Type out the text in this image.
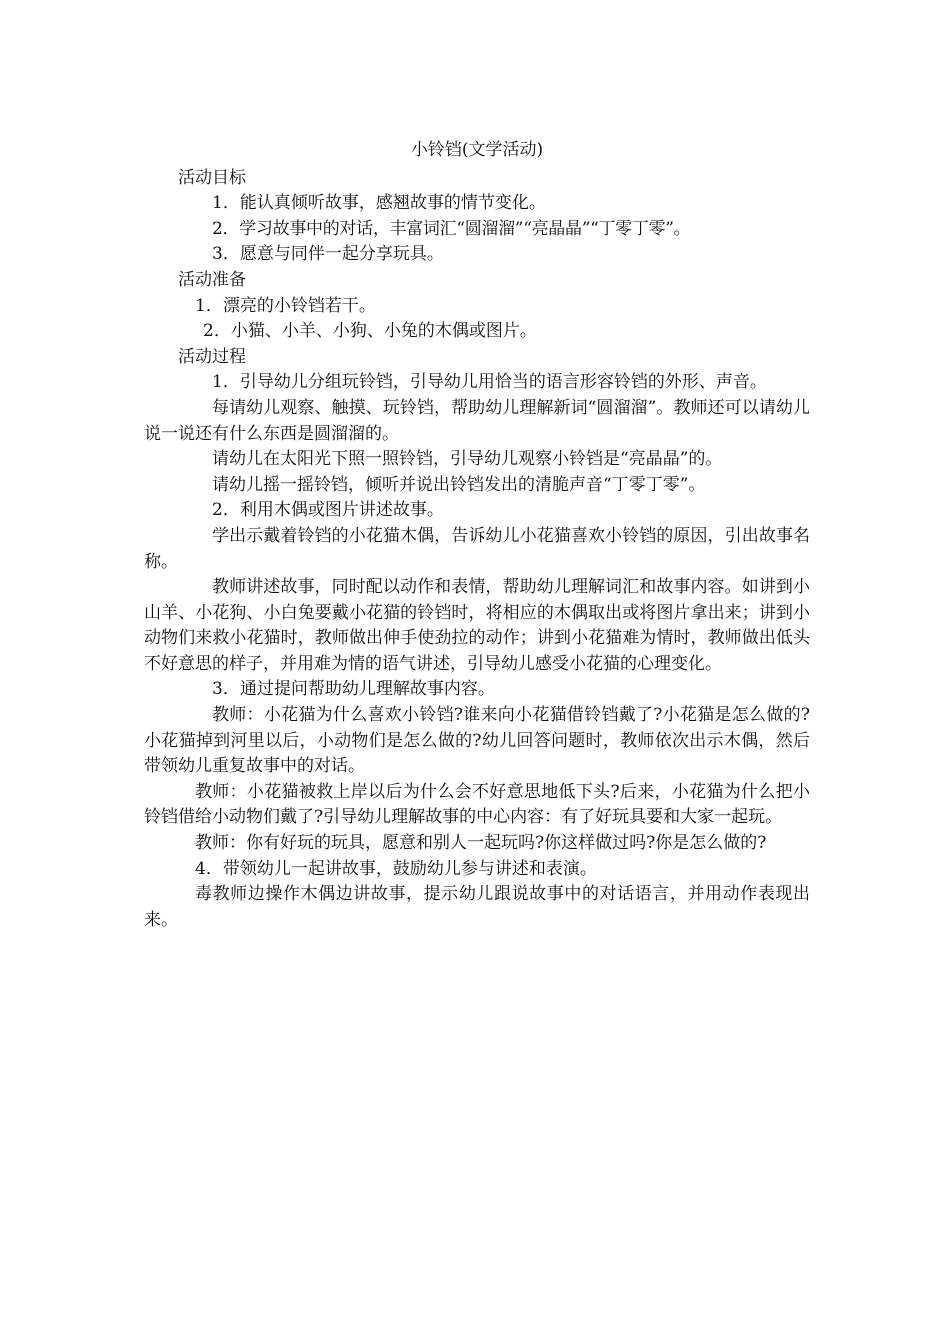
小铃铛(文学活动)

活动目标

1．能认真倾听故事，感翘故事的情节变化。

2．学习故事中的对话，丰富词汇“圆溜溜”“亮晶晶”“丁零丁零”。

3．愿意与同伴一起分享玩具。

活动准备

1．漂亮的小铃铛若干。

2．小猫、小羊、小狗、小兔的木偶或图片。

活动过程

1．引导幼儿分组玩铃铛，引导幼儿用恰当的语言形容铃铛的外形、声音。

每请幼儿观察、触摸、玩铃铛，帮助幼儿理解新词“圆溜溜”。教师还可以请幼儿说一说还有什么东西是圆溜溜的。

请幼儿在太阳光下照一照铃铛，引导幼儿观察小铃铛是“亮晶晶”的。

请幼儿摇一摇铃铛，倾听并说出铃铛发出的清脆声音“丁零丁零”。

2．利用木偶或图片讲述故事。

学出示戴着铃铛的小花猫木偶，告诉幼儿小花猫喜欢小铃铛的原因，引出故事名称。

教师讲述故事，同时配以动作和表情，帮助幼儿理解词汇和故事内容。如讲到小山羊、小花狗、小白兔要戴小花猫的铃铛时，将相应的木偶取出或将图片拿出来；讲到小动物们来救小花猫时，教师做出伸手使劲拉的动作；讲到小花猫难为情时，教师做出低头不好意思的样子，并用难为情的语气讲述，引导幼儿感受小花猫的心理变化。

3．通过提问帮助幼儿理解故事内容。

教师：小花猫为什么喜欢小铃铛?谁来向小花猫借铃铛戴了?小花猫是怎么做的?小花猫掉到河里以后，小动物们是怎么做的?幼儿回答问题时，教师依次出示木偶，然后带领幼儿重复故事中的对话。

教师：小花猫被救上岸以后为什么会不好意思地低下头?后来，小花猫为什么把小铃铛借给小动物们戴了?引导幼儿理解故事的中心内容：有了好玩具要和大家一起玩。

教师：你有好玩的玩具，愿意和别人一起玩吗?你这样做过吗?你是怎么做的?

4．带领幼儿一起讲故事，鼓励幼儿参与讲述和表演。

毒教师边操作木偶边讲故事，提示幼儿跟说故事中的对话语言，并用动作表现出来。
